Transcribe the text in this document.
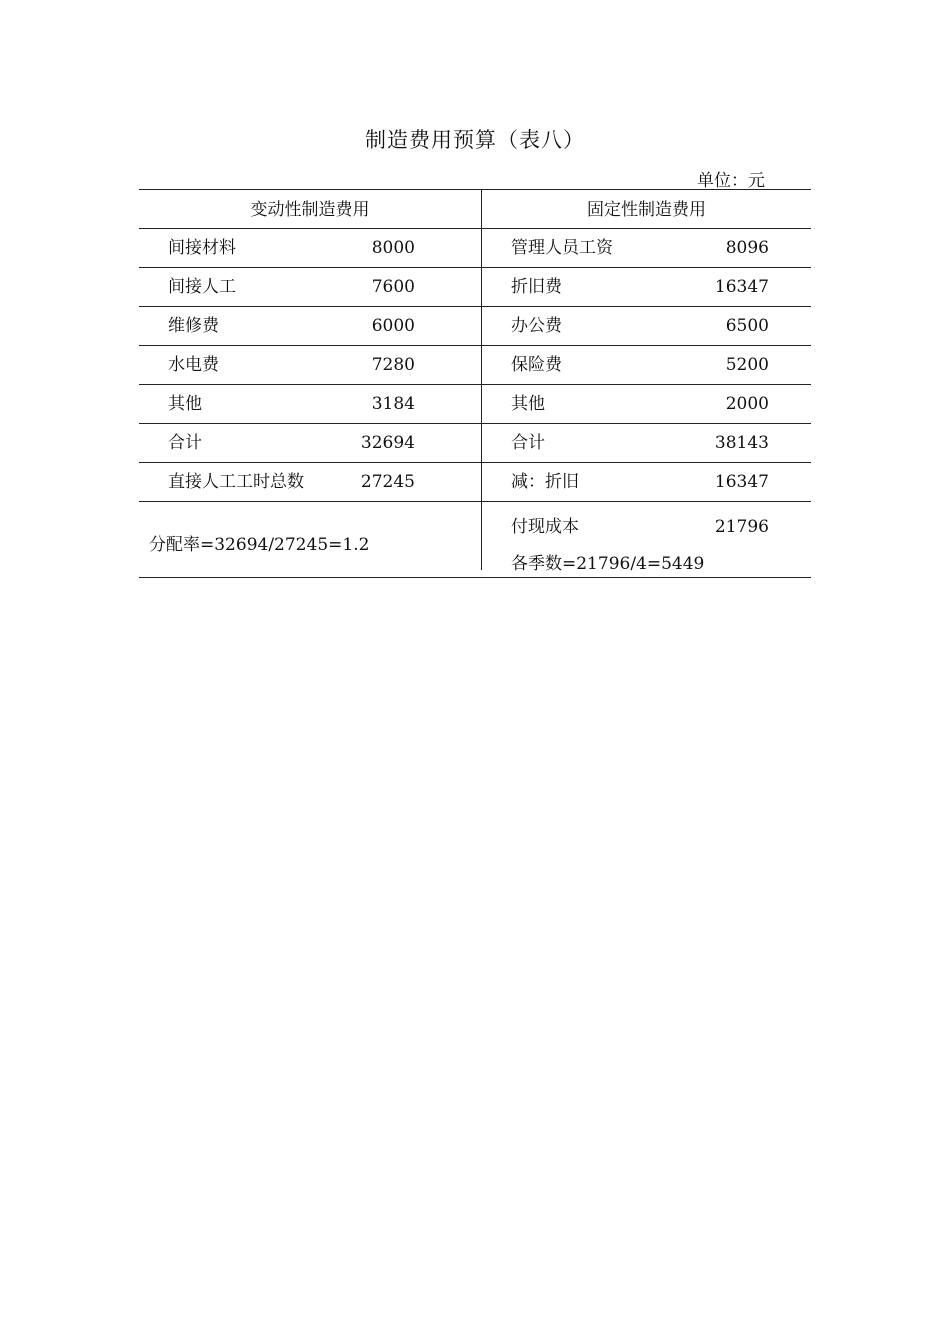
制造费用预算（表八）
单位：元
变动性制造费用	固定性制造费用
间接材料	8000	管理人员工资	8096
间接人工	7600	折旧费	16347
维修费	6000	办公费	6500
水电费	7280	保险费	5200
其他	3184	其他	2000
合计	32694	合计	38143
直接人工工时总数	27245	减：折旧	16347
分配率=32694/27245=1.2
付现成本	21796
各季数=21796/4=5449
